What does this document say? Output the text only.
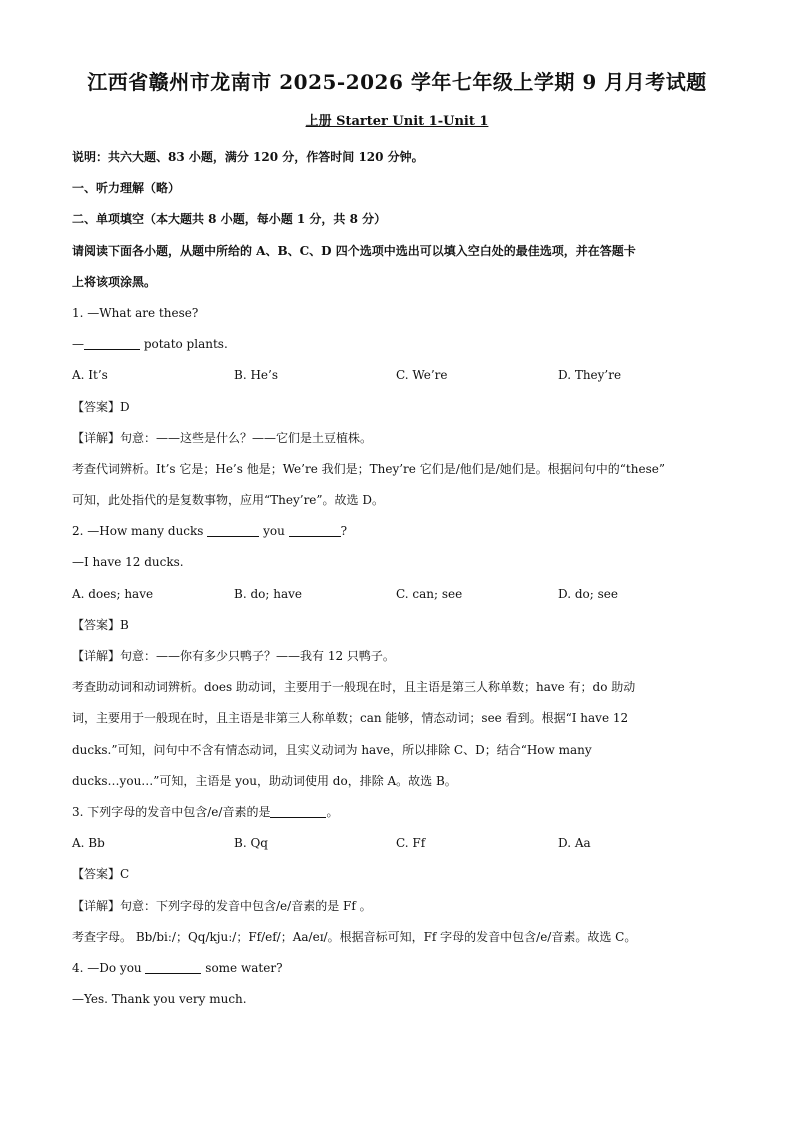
江西省赣州市龙南市 2025-2026 学年七年级上学期 9 月月考试题
上册 Starter Unit 1-Unit 1
说明：共六大题、83 小题，满分 120 分，作答时间 120 分钟。
一、听力理解（略）
二、单项填空（本大题共 8 小题，每小题 1 分，共 8 分）
请阅读下面各小题，从题中所给的 A、B、C、D 四个选项中选出可以填入空白处的最佳选项，并在答题卡
上将该项涂黑。
1. —What are these?
—	potato plants.
A. It’s	B. He’s	C. We’re	D. They’re
【答案】D
【详解】句意：——这些是什么？——它们是土豆植株。
考查代词辨析。It’s 它是；He’s 他是；We’re 我们是；They’re 它们是/他们是/她们是。根据问句中的“these”
可知，此处指代的是复数事物，应用“They’re”。故选 D。
2. —How many ducks	you	?
—I have 12 ducks.
A. does; have	B. do; have	C. can; see	D. do; see
【答案】B
【详解】句意：——你有多少只鸭子？——我有 12 只鸭子。
考查助动词和动词辨析。does 助动词，主要用于一般现在时，且主语是第三人称单数；have 有；do 助动
词，主要用于一般现在时，且主语是非第三人称单数；can 能够，情态动词；see 看到。根据“I have 12
ducks.”可知，问句中不含有情态动词，且实义动词为 have，所以排除 C、D；结合“How many
ducks…you…”可知，主语是 you，助动词使用 do，排除 A。故选 B。
3. 下列字母的发音中包含/e/音素的是	。
A. Bb	B. Qq	C. Ff	D. Aa
【答案】C
【详解】句意：下列字母的发音中包含/e/音素的是 Ff 。
考查字母。 Bb/biː/；Qq/kjuː/；Ff/ef/；Aa/eɪ/。根据音标可知，Ff 字母的发音中包含/e/音素。故选 C。
4. —Do you	some water?
—Yes. Thank you very much.
